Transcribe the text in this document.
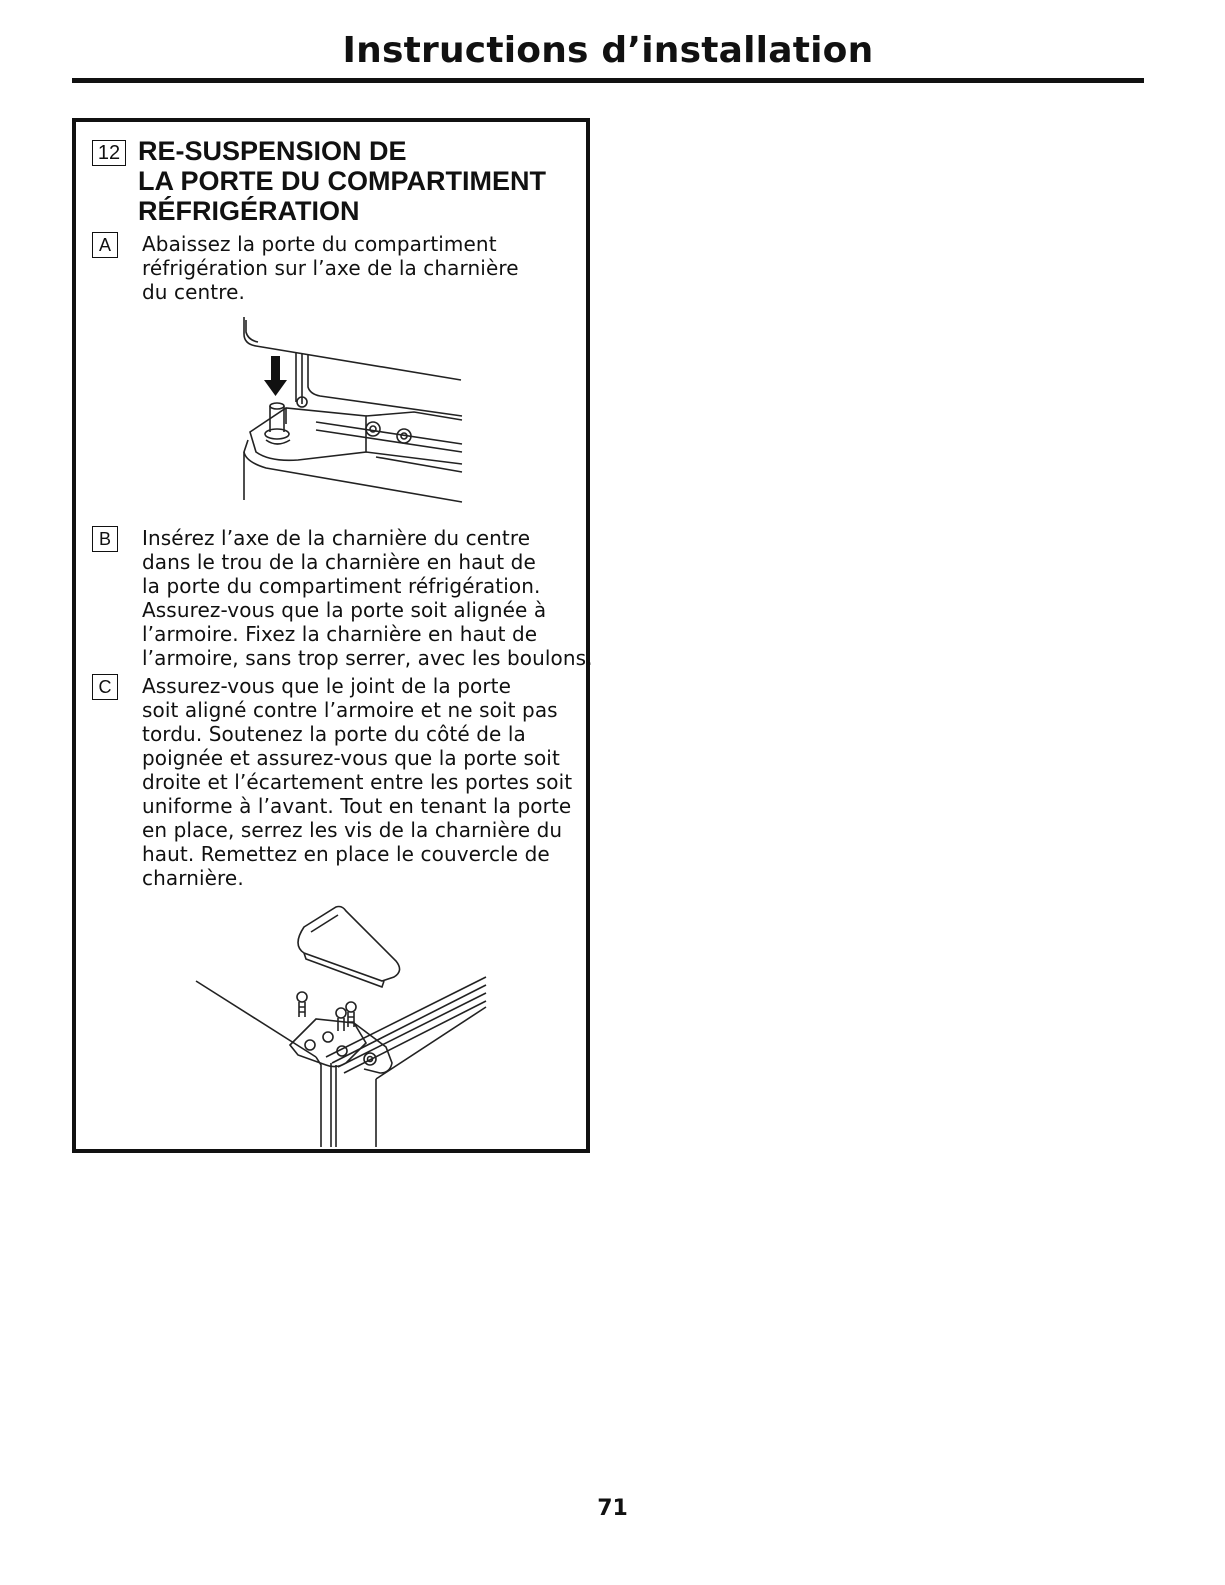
Instructions d’installation
12 RE-SUSPENSION DE
LA PORTE DU COMPARTIMENT
RÉFRIGÉRATION
A	Abaissez la porte du compartiment
réfrigération sur l’axe de la charnière
du centre.
B	Insérez l’axe de la charnière du centre
dans le trou de la charnière en haut de
la porte du compartiment réfrigération.
Assurez-vous que la porte soit alignée à
l’armoire. Fixez la charnière en haut de
l’armoire, sans trop serrer, avec les boulons.
C	Assurez-vous que le joint de la porte
soit aligné contre l’armoire et ne soit pas
tordu. Soutenez la porte du côté de la
poignée et assurez-vous que la porte soit
droite et l’écartement entre les portes soit
uniforme à l’avant. Tout en tenant la porte
en place, serrez les vis de la charnière du
haut. Remettez en place le couvercle de
charnière.
71
